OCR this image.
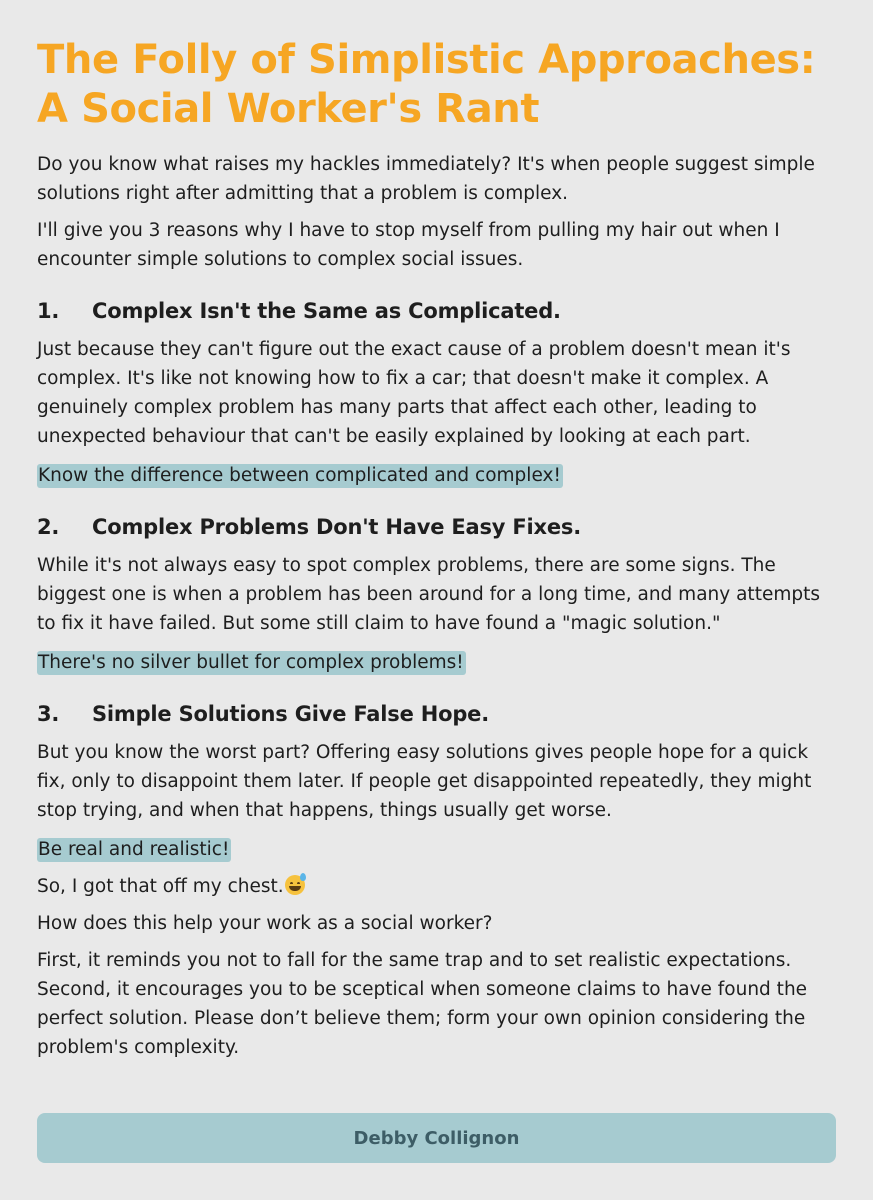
The Folly of Simplistic Approaches: A Social Worker's Rant

Do you know what raises my hackles immediately? It's when people suggest simple solutions right after admitting that a problem is complex.

I'll give you 3 reasons why I have to stop myself from pulling my hair out when I encounter simple solutions to complex social issues.

1.	Complex Isn't the Same as Complicated.

Just because they can't figure out the exact cause of a problem doesn't mean it's complex. It's like not knowing how to fix a car; that doesn't make it complex. A genuinely complex problem has many parts that affect each other, leading to unexpected behaviour that can't be easily explained by looking at each part.

Know the difference between complicated and complex!

2.	Complex Problems Don't Have Easy Fixes.

While it's not always easy to spot complex problems, there are some signs. The biggest one is when a problem has been around for a long time, and many attempts to fix it have failed. But some still claim to have found a "magic solution."

There's no silver bullet for complex problems!

3.	Simple Solutions Give False Hope.

But you know the worst part? Offering easy solutions gives people hope for a quick fix, only to disappoint them later. If people get disappointed repeatedly, they might stop trying, and when that happens, things usually get worse.

Be real and realistic!

So, I got that off my chest.

How does this help your work as a social worker?

First, it reminds you not to fall for the same trap and to set realistic expectations. Second, it encourages you to be sceptical when someone claims to have found the perfect solution. Please don’t believe them; form your own opinion considering the problem's complexity.

Debby Collignon
